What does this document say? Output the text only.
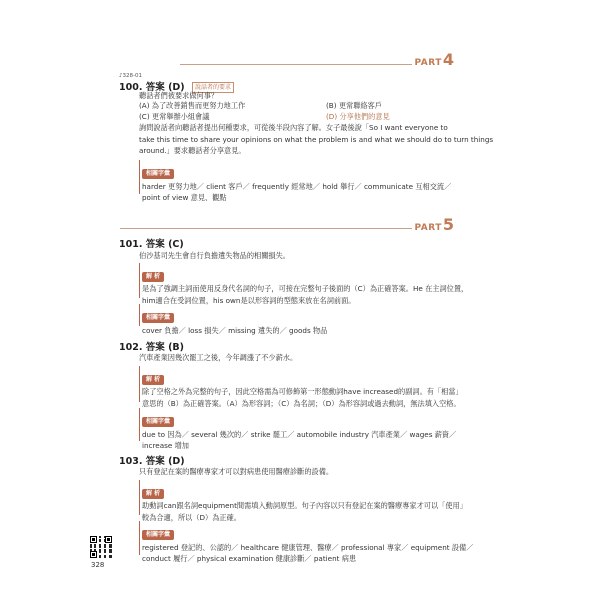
PART 4
♪328-01
100. 答案 (D) 說話者的要求
聽話者們被要求做何事？
(A) 為了改善銷售而更努力地工作	(B) 更常聯絡客戶
(C) 更常舉辦小組會議	(D) 分享他們的意見
詢問說話者向聽話者提出何種要求，可從後半段內容了解。女子最後說「So I want everyone to
take this time to share your opinions on what the problem is and what we should do to turn things
around.」要求聽話者分享意見。
相關字彙
harder 更努力地／ client 客戶／ frequently 經常地／ hold 舉行／ communicate 互相交流／
point of view 意見、觀點
PART 5
101. 答案 (C)
伯沙基司先生會自行負擔遺失物品的相關損失。
解 析
是為了強調主詞而使用反身代名詞的句子，可接在完整句子後面的（C）為正確答案。He 在主詞位置，
him適合在受詞位置，his own是以形容詞的型態來放在名詞前面。
相關字彙
cover 負擔／ loss 損失／ missing 遺失的／ goods 物品
102. 答案 (B)
汽車產業因幾次罷工之後，今年調漲了不少薪水。
解 析
除了空格之外為完整的句子，因此空格需為可修飾第一形態動詞have increased的副詞。有「相當」
意思的（B）為正確答案。（A）為形容詞；（C）為名詞；（D）為形容詞或過去動詞，無法填入空格。
相關字彙
due to 因為／ several 幾次的／ strike 罷工／ automobile industry 汽車產業／ wages 薪資／
increase 增加
103. 答案 (D)
只有登記在案的醫療專家才可以對病患使用醫療診斷的設備。
解 析
助動詞can跟名詞equipment間需填入動詞原型。句子內容以只有登記在案的醫療專家才可以「使用」
較為合適，所以（D）為正確。
相關字彙
registered 登記的、公認的／ healthcare 健康管理、醫療／ professional 專家／ equipment 設備／
conduct 履行／ physical examination 健康診斷／ patient 病患
328
